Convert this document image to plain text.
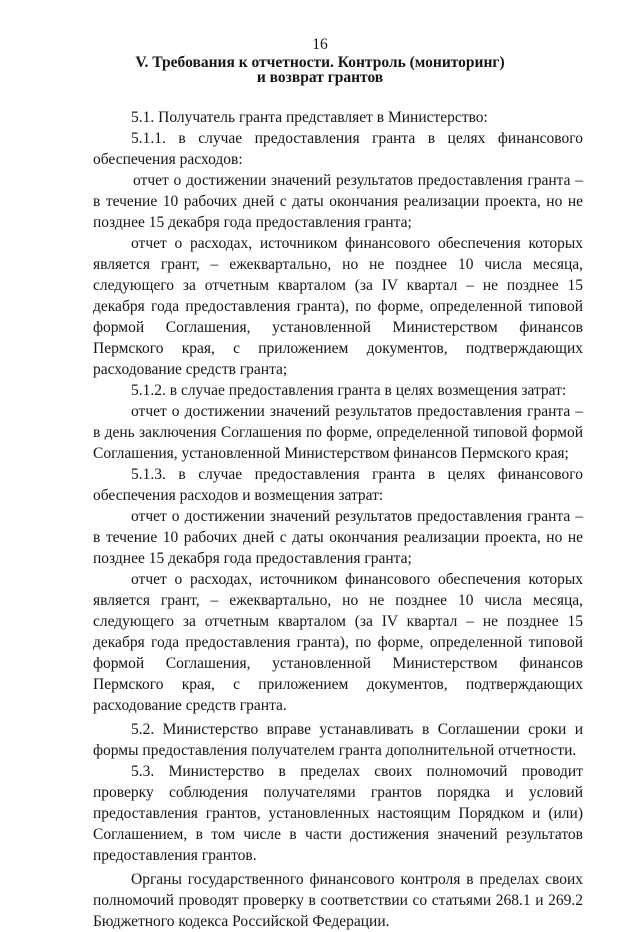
16
V. Требования к отчетности. Контроль (мониторинг)
и возврат грантов

5.1. Получатель гранта представляет в Министерство:

5.1.1. в случае предоставления гранта в целях финансового обеспечения расходов:

отчет о достижении значений результатов предоставления гранта – в течение 10 рабочих дней с даты окончания реализации проекта, но не позднее 15 декабря года предоставления гранта;

отчет о расходах, источником финансового обеспечения которых является грант, – ежеквартально, но не позднее 10 числа месяца, следующего за отчетным кварталом (за IV квартал – не позднее 15 декабря года предоставления гранта), по форме, определенной типовой формой Соглашения, установленной Министерством финансов Пермского края, с приложением документов, подтверждающих расходование средств гранта;

5.1.2. в случае предоставления гранта в целях возмещения затрат:

отчет о достижении значений результатов предоставления гранта – в день заключения Соглашения по форме, определенной типовой формой Соглашения, установленной Министерством финансов Пермского края;

5.1.3. в случае предоставления гранта в целях финансового обеспечения расходов и возмещения затрат:

отчет о достижении значений результатов предоставления гранта – в течение 10 рабочих дней с даты окончания реализации проекта, но не позднее 15 декабря года предоставления гранта;

отчет о расходах, источником финансового обеспечения которых является грант, – ежеквартально, но не позднее 10 числа месяца, следующего за отчетным кварталом (за IV квартал – не позднее 15 декабря года предоставления гранта), по форме, определенной типовой формой Соглашения, установленной Министерством финансов Пермского края, с приложением документов, подтверждающих расходование средств гранта.

5.2. Министерство вправе устанавливать в Соглашении сроки и формы предоставления получателем гранта дополнительной отчетности.

5.3. Министерство в пределах своих полномочий проводит проверку соблюдения получателями грантов порядка и условий предоставления грантов, установленных настоящим Порядком и (или) Соглашением, в том числе в части достижения значений результатов предоставления грантов.

Органы государственного финансового контроля в пределах своих полномочий проводят проверку в соответствии со статьями 268.1 и 269.2 Бюджетного кодекса Российской Федерации.
